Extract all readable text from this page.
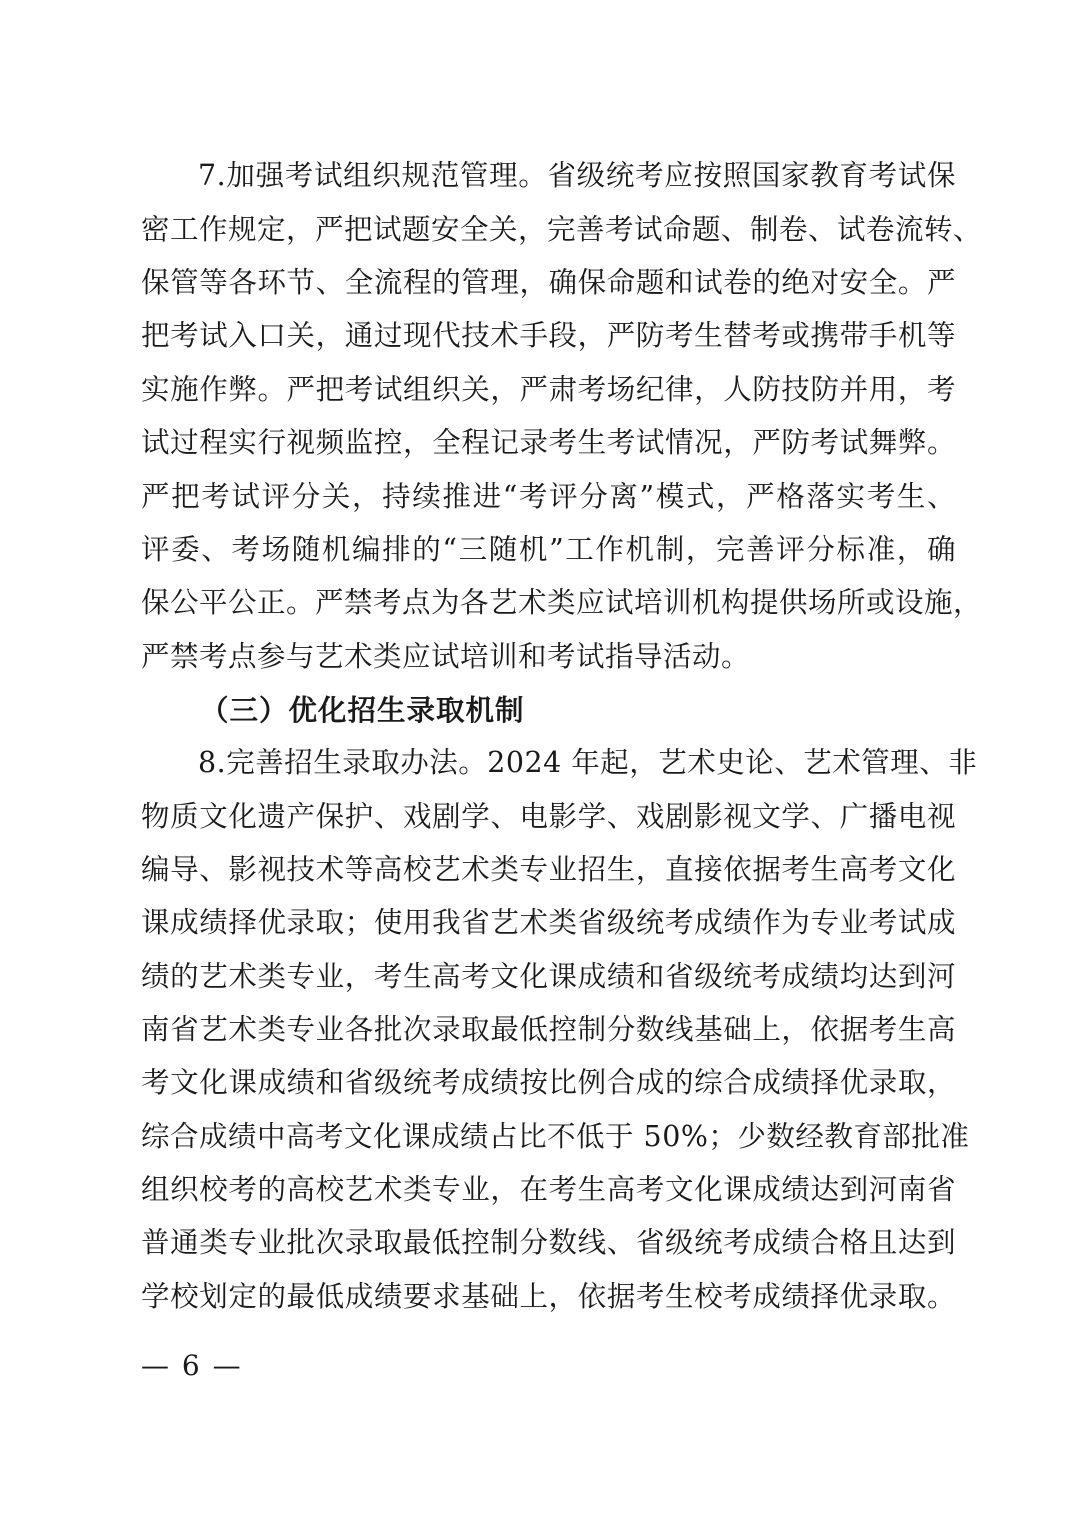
7.加强考试组织规范管理。省级统考应按照国家教育考试保
密工作规定，严把试题安全关，完善考试命题、制卷、试卷流转、
保管等各环节、全流程的管理，确保命题和试卷的绝对安全。严
把考试入口关，通过现代技术手段，严防考生替考或携带手机等
实施作弊。严把考试组织关，严肃考场纪律，人防技防并用，考
试过程实行视频监控，全程记录考生考试情况，严防考试舞弊。
严把考试评分关，持续推进“考评分离”模式，严格落实考生、
评委、考场随机编排的“三随机”工作机制，完善评分标准，确
保公平公正。严禁考点为各艺术类应试培训机构提供场所或设施，
严禁考点参与艺术类应试培训和考试指导活动。
（三）优化招生录取机制
8.完善招生录取办法。2024 年起，艺术史论、艺术管理、非
物质文化遗产保护、戏剧学、电影学、戏剧影视文学、广播电视
编导、影视技术等高校艺术类专业招生，直接依据考生高考文化
课成绩择优录取；使用我省艺术类省级统考成绩作为专业考试成
绩的艺术类专业，考生高考文化课成绩和省级统考成绩均达到河
南省艺术类专业各批次录取最低控制分数线基础上，依据考生高
考文化课成绩和省级统考成绩按比例合成的综合成绩择优录取，
综合成绩中高考文化课成绩占比不低于 50%；少数经教育部批准
组织校考的高校艺术类专业，在考生高考文化课成绩达到河南省
普通类专业批次录取最低控制分数线、省级统考成绩合格且达到
学校划定的最低成绩要求基础上，依据考生校考成绩择优录取。
— 6 —
